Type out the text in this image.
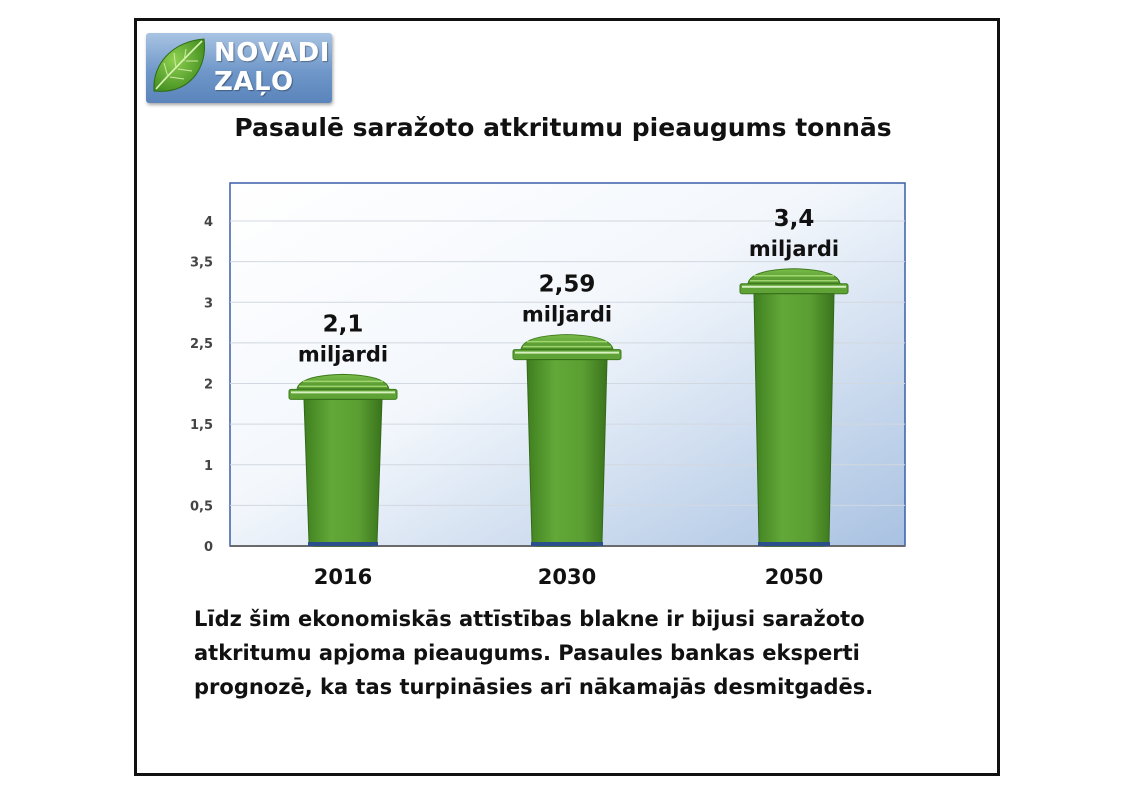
NOVADI
ZAĻO
Pasaulē saražoto atkritumu pieaugums tonnās
0
0,5
1
1,5
2
2,5
3
3,5
4
2016
2,1
miljardi
2030
2,59
miljardi
2050
3,4
miljardi
Līdz šim ekonomiskās attīstības blakne ir bijusi saražoto atkritumu apjoma pieaugums. Pasaules bankas eksperti prognozē, ka tas turpināsies arī nākamajās desmitgadēs.
